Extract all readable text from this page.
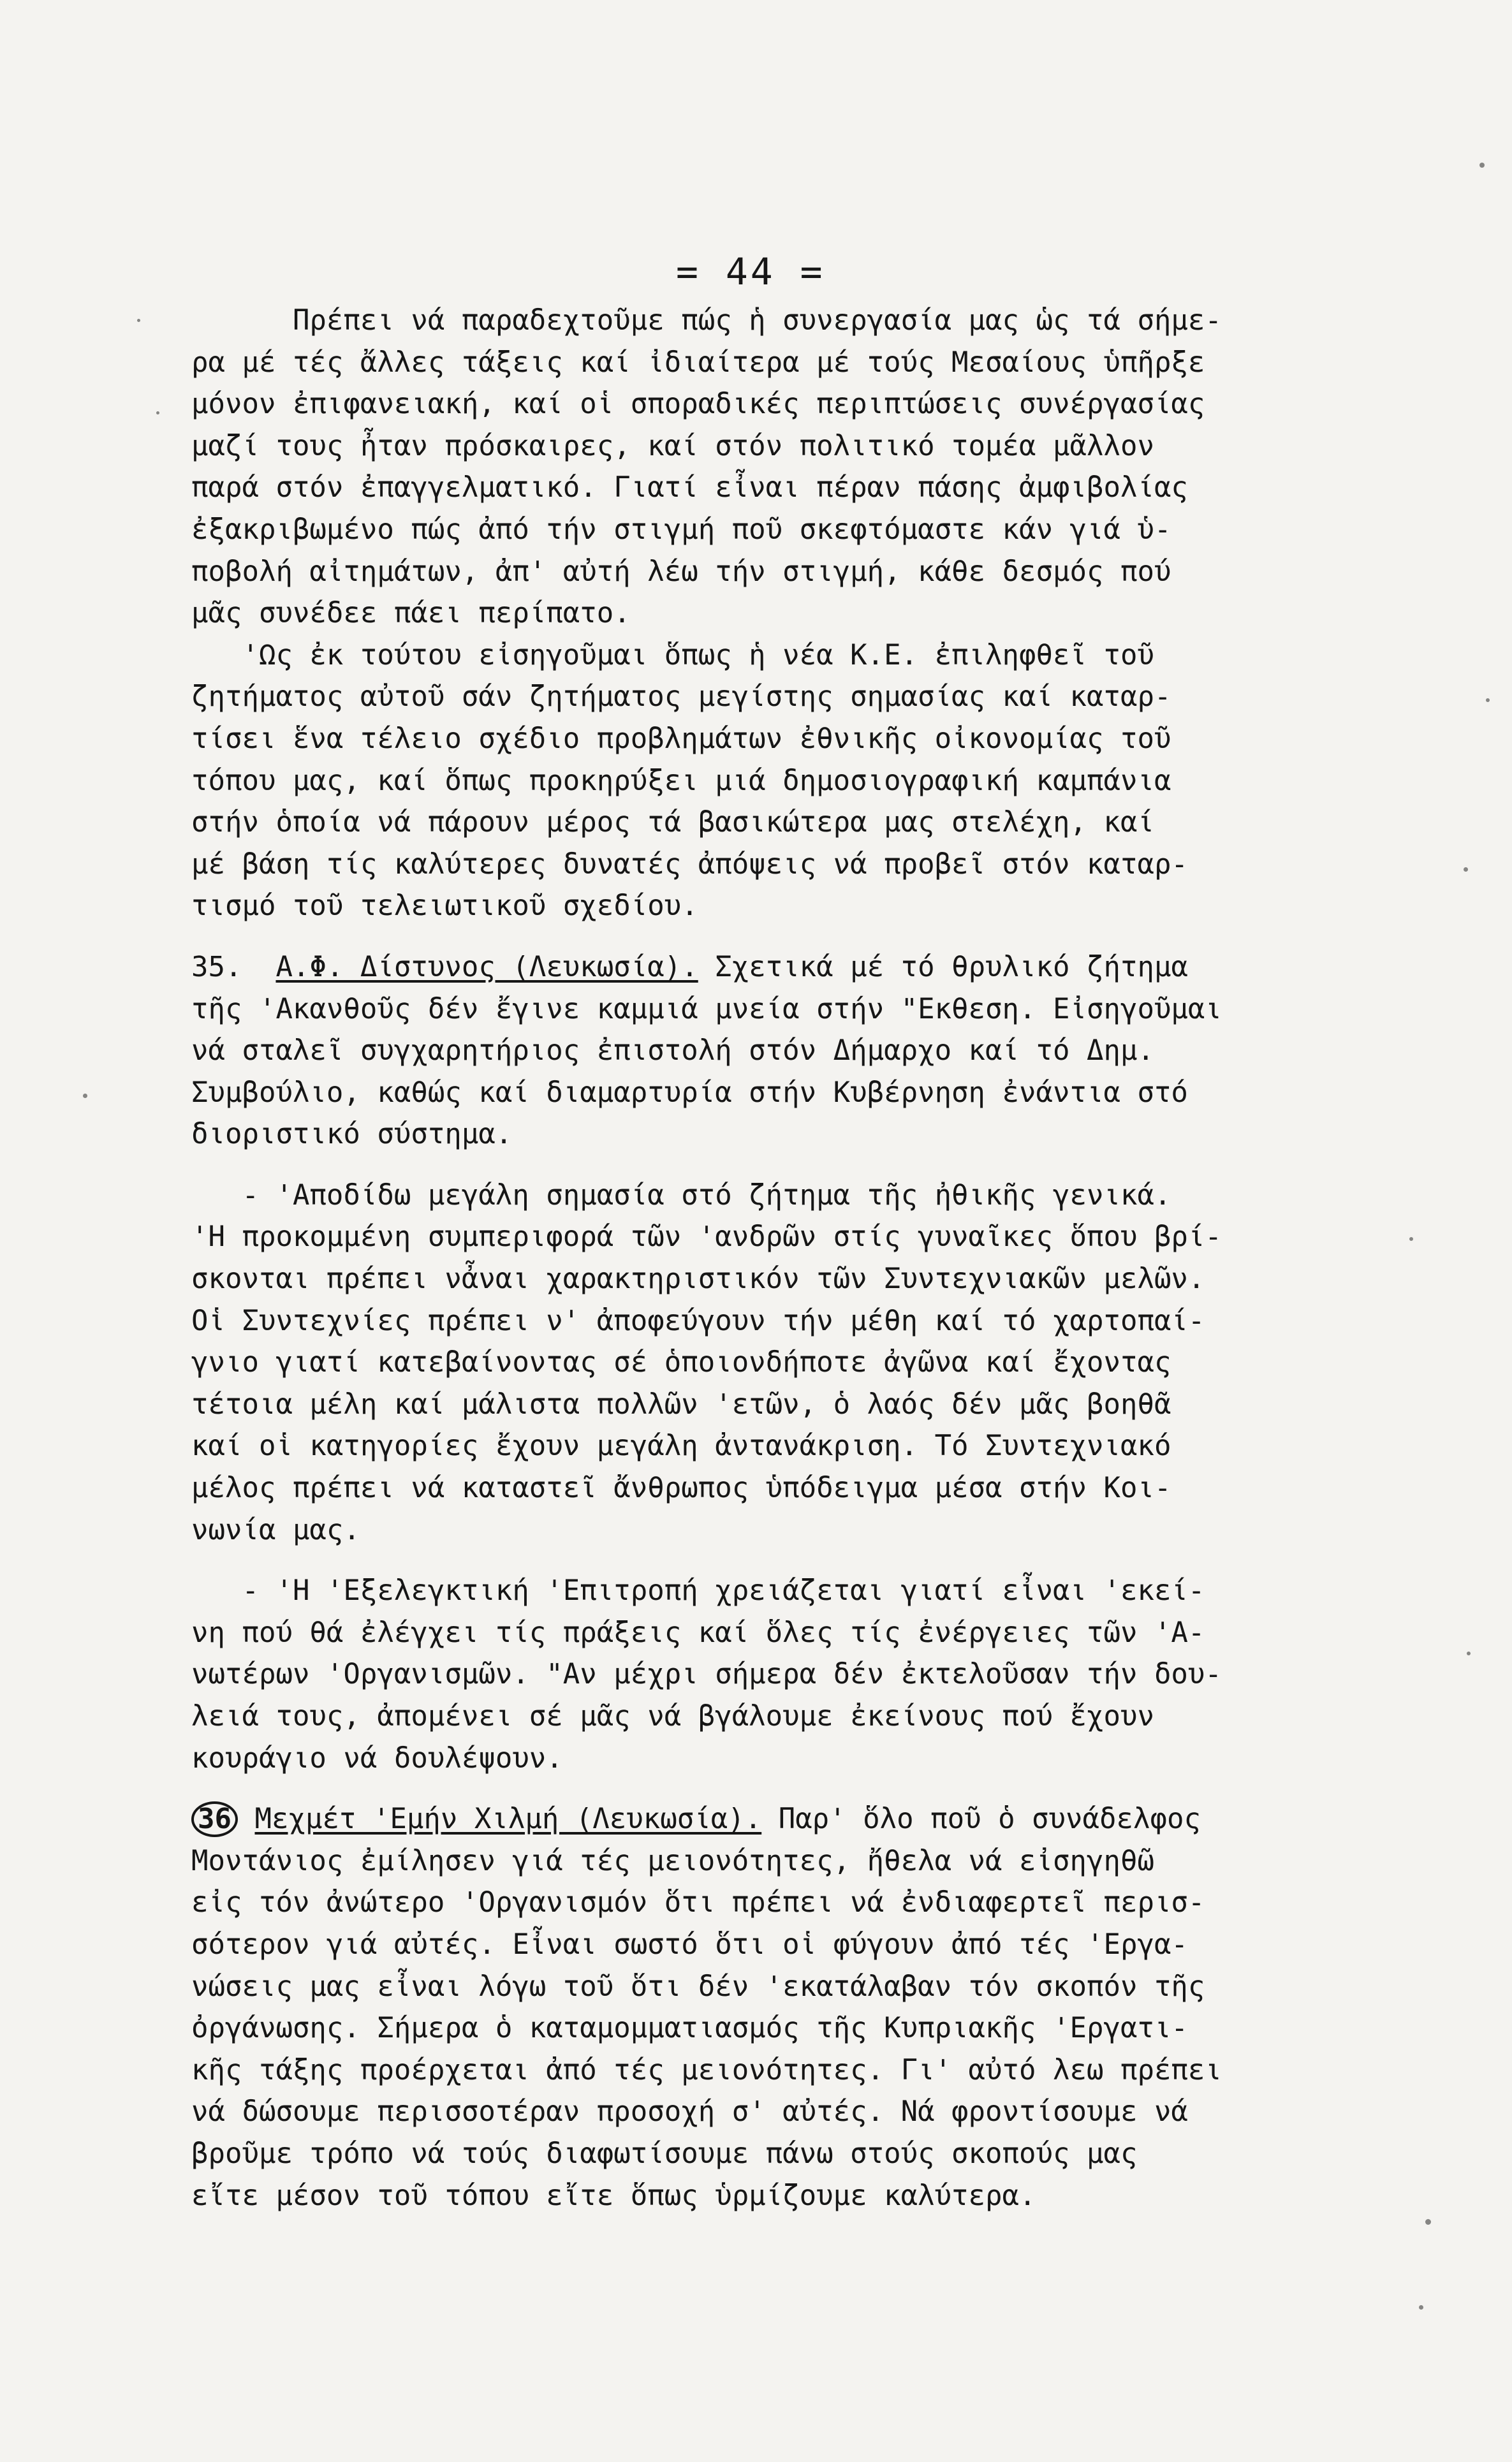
= 44 =
Πρέπει νά παραδεχτοῦμε πώς ἡ συνεργασία μας ὡς τά σήμε-
ρα μέ τές ἄλλες τάξεις καί ἰδιαίτερα μέ τούς Μεσαίους ὑπῆρξε
μόνον ἐπιφανειακή, καί οἱ σποραδικές περιπτώσεις συνέργασίας
μαζί τους ἦταν πρόσκαιρες, καί στόν πολιτικό τομέα μᾶλλον
παρά στόν ἐπαγγελματικό. Γιατί εἶναι πέραν πάσης ἀμφιβολίας
ἐξακριβωμένο πώς ἀπό τήν στιγμή ποῦ σκεφτόμαστε κάν γιά ὑ-
ποβολή αἰτημάτων, ἀπ' αὐτή λέω τήν στιγμή, κάθε δεσμός πού
μᾶς συνέδεε πάει περίπατο.
'Ως ἐκ τούτου εἰσηγοῦμαι ὅπως ἡ νέα Κ.Ε. ἐπιληφθεῖ τοῦ
ζητήματος αὐτοῦ σάν ζητήματος μεγίστης σημασίας καί καταρ-
τίσει ἕνα τέλειο σχέδιο προβλημάτων ἐθνικῆς οἰκονομίας τοῦ
τόπου μας, καί ὅπως προκηρύξει μιά δημοσιογραφική καμπάνια
στήν ὁποία νά πάρουν μέρος τά βασικώτερα μας στελέχη, καί
μέ βάση τίς καλύτερες δυνατές ἀπόψεις νά προβεῖ στόν καταρ-
τισμό τοῦ τελειωτικοῦ σχεδίου.
35. Α.Φ. Δίστυνος (Λευκωσία). Σχετικά μέ τό θρυλικό ζήτημα
τῆς 'Ακανθοῦς δέν ἔγινε καμμιά μνεία στήν "Εκθεση. Εἰσηγοῦμαι
νά σταλεῖ συγχαρητήριος ἐπιστολή στόν Δήμαρχο καί τό Δημ.
Συμβούλιο, καθώς καί διαμαρτυρία στήν Κυβέρνηση ἐνάντια στό
διοριστικό σύστημα.
- 'Αποδίδω μεγάλη σημασία στό ζήτημα τῆς ἠθικῆς γενικά.
'Η προκομμένη συμπεριφορά τῶν 'ανδρῶν στίς γυναῖκες ὅπου βρί-
σκονται πρέπει νἆναι χαρακτηριστικόν τῶν Συντεχνιακῶν μελῶν.
Οἱ Συντεχνίες πρέπει ν' ἀποφεύγουν τήν μέθη καί τό χαρτοπαί-
γνιο γιατί κατεβαίνοντας σέ ὁποιονδήποτε ἀγῶνα καί ἔχοντας
τέτοια μέλη καί μάλιστα πολλῶν 'ετῶν, ὁ λαός δέν μᾶς βοηθᾶ
καί οἱ κατηγορίες ἔχουν μεγάλη ἀντανάκριση. Τό Συντεχνιακό
μέλος πρέπει νά καταστεῖ ἄνθρωπος ὑπόδειγμα μέσα στήν Κοι-
νωνία μας.
- 'Η 'Εξελεγκτική 'Επιτροπή χρειάζεται γιατί εἶναι 'εκεί-
νη πού θά ἐλέγχει τίς πράξεις καί ὅλες τίς ἐνέργειες τῶν 'Α-
νωτέρων 'Οργανισμῶν. "Αν μέχρι σήμερα δέν ἐκτελοῦσαν τήν δου-
λειά τους, ἀπομένει σέ μᾶς νά βγάλουμε ἐκείνους πού ἔχουν
κουράγιο νά δουλέψουν.
36 Μεχμέτ 'Εμήν Χιλμή (Λευκωσία). Παρ' ὅλο ποῦ ὁ συνάδελφος
Μοντάνιος ἐμίλησεν γιά τές μειονότητες, ἤθελα νά εἰσηγηθῶ
εἰς τόν ἀνώτερο 'Οργανισμόν ὅτι πρέπει νά ἐνδιαφερτεῖ περισ-
σότερον γιά αὐτές. Εἶναι σωστό ὅτι οἱ φύγουν ἀπό τές 'Εργα-
νώσεις μας εἶναι λόγω τοῦ ὅτι δέν 'εκατάλαβαν τόν σκοπόν τῆς
ὀργάνωσης. Σήμερα ὁ καταμομματιασμός τῆς Κυπριακῆς 'Εργατι-
κῆς τάξης προέρχεται ἀπό τές μειονότητες. Γι' αὐτό λεω πρέπει
νά δώσουμε περισσοτέραν προσοχή σ' αὐτές. Νά φροντίσουμε νά
βροῦμε τρόπο νά τούς διαφωτίσουμε πάνω στούς σκοπούς μας
εἴτε μέσον τοῦ τόπου εἴτε ὅπως ὑρμίζουμε καλύτερα.
